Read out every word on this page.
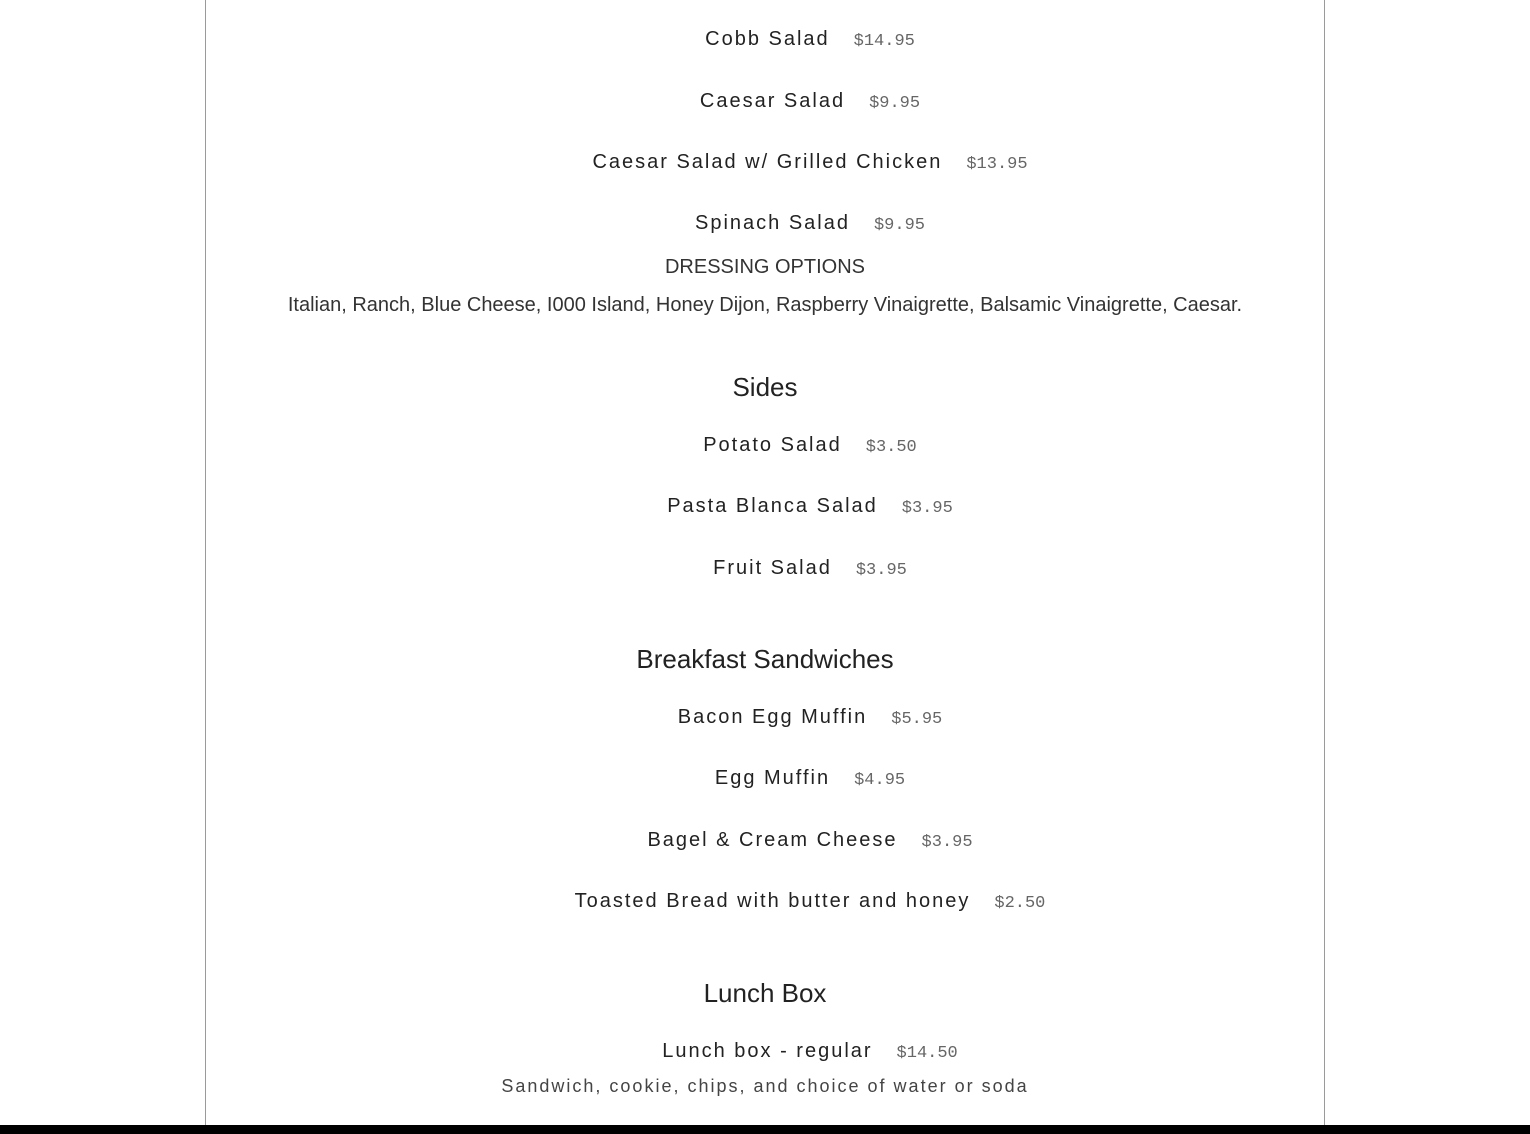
Cobb Salad $14.95
Caesar Salad $9.95
Caesar Salad w/ Grilled Chicken $13.95
Spinach Salad $9.95
DRESSING OPTIONS
Italian, Ranch, Blue Cheese, I000 Island, Honey Dijon, Raspberry Vinaigrette, Balsamic Vinaigrette, Caesar.
Sides
Potato Salad $3.50
Pasta Blanca Salad $3.95
Fruit Salad $3.95
Breakfast Sandwiches
Bacon Egg Muffin $5.95
Egg Muffin $4.95
Bagel & Cream Cheese $3.95
Toasted Bread with butter and honey $2.50
Lunch Box
Lunch box - regular $14.50
Sandwich, cookie, chips, and choice of water or soda
